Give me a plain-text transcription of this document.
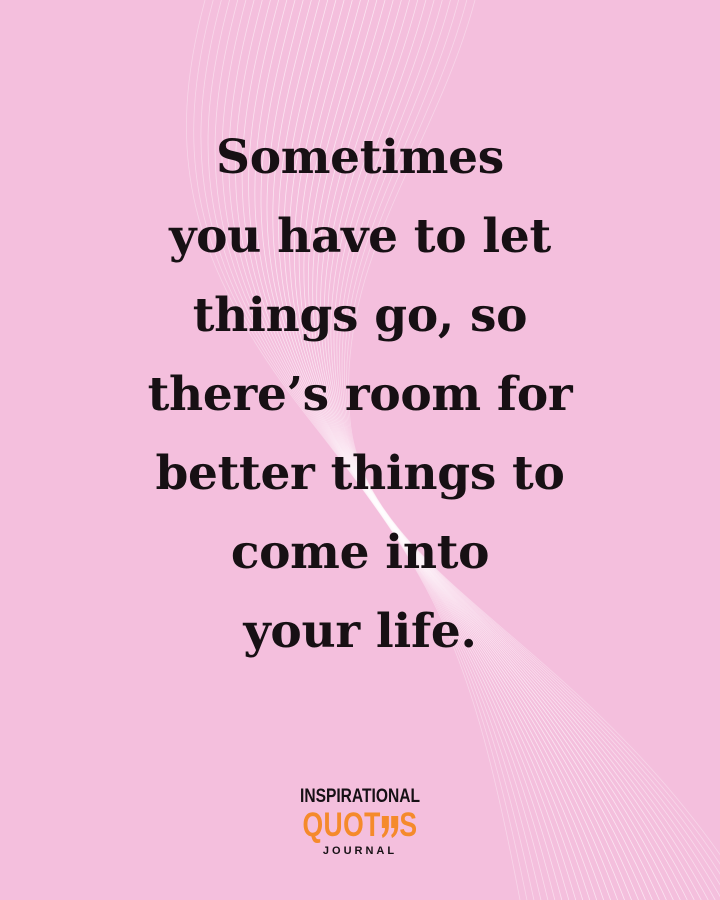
Sometimes
you have to let
things go, so
there’s room for
better things to
come into
your life.
INSPIRATIONAL
QUOT S
JOURNAL
